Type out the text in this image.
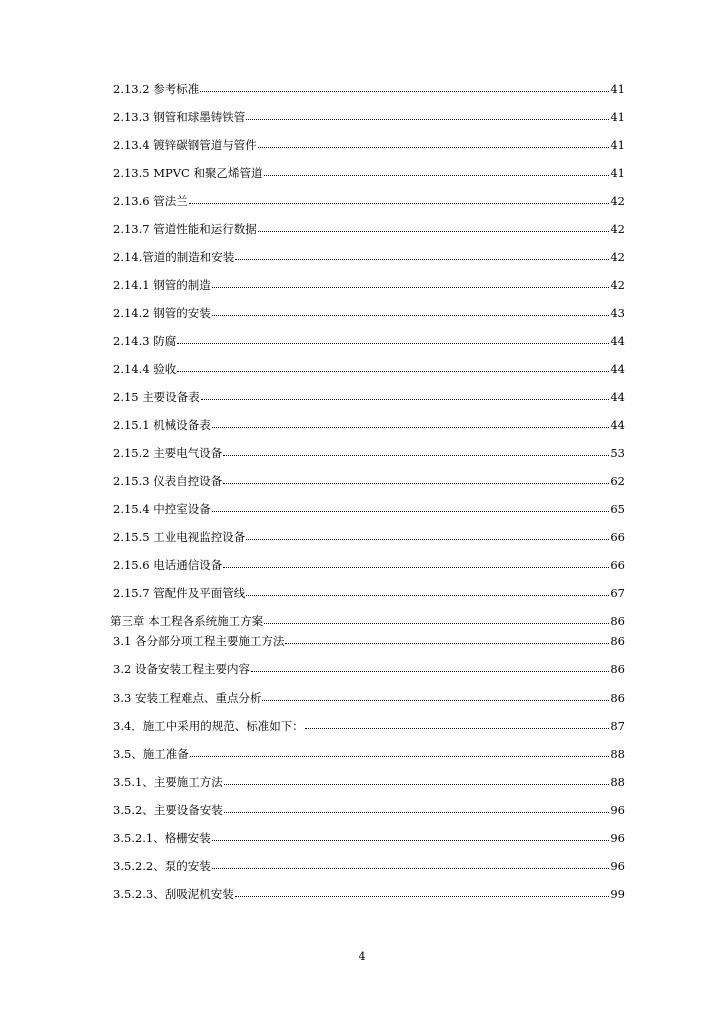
2.13.2 参考标准	41
2.13.3 钢管和球墨铸铁管	41
2.13.4 镀锌碳钢管道与管件	41
2.13.5 MPVC 和聚乙烯管道	41
2.13.6 管法兰	42
2.13.7 管道性能和运行数据	42
2.14.管道的制造和安装	42
2.14.1 钢管的制造	42
2.14.2 钢管的安装	43
2.14.3 防腐	44
2.14.4 验收	44
2.15 主要设备表	44
2.15.1 机械设备表	44
2.15.2 主要电气设备	53
2.15.3 仪表自控设备	62
2.15.4 中控室设备	65
2.15.5 工业电视监控设备	66
2.15.6 电话通信设备	66
2.15.7 管配件及平面管线	67
第三章 本工程各系统施工方案	86
3.1 各分部分项工程主要施工方法	86
3.2 设备安装工程主要内容	86
3.3 安装工程难点、重点分析	86
3.4．施工中采用的规范、标准如下：	87
3.5、施工准备	88
3.5.1、主要施工方法	88
3.5.2、主要设备安装	96
3.5.2.1、格栅安装	96
3.5.2.2、泵的安装	96
3.5.2.3、刮吸泥机安装	99
4
